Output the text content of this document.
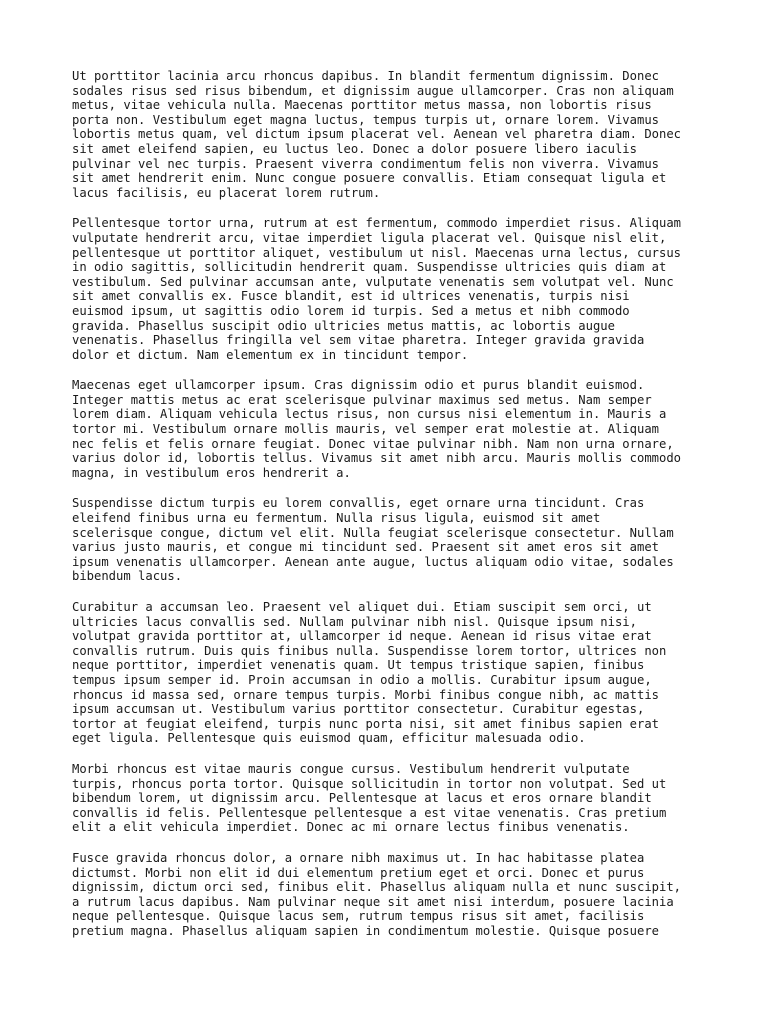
Ut porttitor lacinia arcu rhoncus dapibus. In blandit fermentum dignissim. Donec
sodales risus sed risus bibendum, et dignissim augue ullamcorper. Cras non aliquam
metus, vitae vehicula nulla. Maecenas porttitor metus massa, non lobortis risus
porta non. Vestibulum eget magna luctus, tempus turpis ut, ornare lorem. Vivamus
lobortis metus quam, vel dictum ipsum placerat vel. Aenean vel pharetra diam. Donec
sit amet eleifend sapien, eu luctus leo. Donec a dolor posuere libero iaculis
pulvinar vel nec turpis. Praesent viverra condimentum felis non viverra. Vivamus
sit amet hendrerit enim. Nunc congue posuere convallis. Etiam consequat ligula et
lacus facilisis, eu placerat lorem rutrum.

Pellentesque tortor urna, rutrum at est fermentum, commodo imperdiet risus. Aliquam
vulputate hendrerit arcu, vitae imperdiet ligula placerat vel. Quisque nisl elit,
pellentesque ut porttitor aliquet, vestibulum ut nisl. Maecenas urna lectus, cursus
in odio sagittis, sollicitudin hendrerit quam. Suspendisse ultricies quis diam at
vestibulum. Sed pulvinar accumsan ante, vulputate venenatis sem volutpat vel. Nunc
sit amet convallis ex. Fusce blandit, est id ultrices venenatis, turpis nisi
euismod ipsum, ut sagittis odio lorem id turpis. Sed a metus et nibh commodo
gravida. Phasellus suscipit odio ultricies metus mattis, ac lobortis augue
venenatis. Phasellus fringilla vel sem vitae pharetra. Integer gravida gravida
dolor et dictum. Nam elementum ex in tincidunt tempor.

Maecenas eget ullamcorper ipsum. Cras dignissim odio et purus blandit euismod.
Integer mattis metus ac erat scelerisque pulvinar maximus sed metus. Nam semper
lorem diam. Aliquam vehicula lectus risus, non cursus nisi elementum in. Mauris a
tortor mi. Vestibulum ornare mollis mauris, vel semper erat molestie at. Aliquam
nec felis et felis ornare feugiat. Donec vitae pulvinar nibh. Nam non urna ornare,
varius dolor id, lobortis tellus. Vivamus sit amet nibh arcu. Mauris mollis commodo
magna, in vestibulum eros hendrerit a.

Suspendisse dictum turpis eu lorem convallis, eget ornare urna tincidunt. Cras
eleifend finibus urna eu fermentum. Nulla risus ligula, euismod sit amet
scelerisque congue, dictum vel elit. Nulla feugiat scelerisque consectetur. Nullam
varius justo mauris, et congue mi tincidunt sed. Praesent sit amet eros sit amet
ipsum venenatis ullamcorper. Aenean ante augue, luctus aliquam odio vitae, sodales
bibendum lacus.

Curabitur a accumsan leo. Praesent vel aliquet dui. Etiam suscipit sem orci, ut
ultricies lacus convallis sed. Nullam pulvinar nibh nisl. Quisque ipsum nisi,
volutpat gravida porttitor at, ullamcorper id neque. Aenean id risus vitae erat
convallis rutrum. Duis quis finibus nulla. Suspendisse lorem tortor, ultrices non
neque porttitor, imperdiet venenatis quam. Ut tempus tristique sapien, finibus
tempus ipsum semper id. Proin accumsan in odio a mollis. Curabitur ipsum augue,
rhoncus id massa sed, ornare tempus turpis. Morbi finibus congue nibh, ac mattis
ipsum accumsan ut. Vestibulum varius porttitor consectetur. Curabitur egestas,
tortor at feugiat eleifend, turpis nunc porta nisi, sit amet finibus sapien erat
eget ligula. Pellentesque quis euismod quam, efficitur malesuada odio.

Morbi rhoncus est vitae mauris congue cursus. Vestibulum hendrerit vulputate
turpis, rhoncus porta tortor. Quisque sollicitudin in tortor non volutpat. Sed ut
bibendum lorem, ut dignissim arcu. Pellentesque at lacus et eros ornare blandit
convallis id felis. Pellentesque pellentesque a est vitae venenatis. Cras pretium
elit a elit vehicula imperdiet. Donec ac mi ornare lectus finibus venenatis.

Fusce gravida rhoncus dolor, a ornare nibh maximus ut. In hac habitasse platea
dictumst. Morbi non elit id dui elementum pretium eget et orci. Donec et purus
dignissim, dictum orci sed, finibus elit. Phasellus aliquam nulla et nunc suscipit,
a rutrum lacus dapibus. Nam pulvinar neque sit amet nisi interdum, posuere lacinia
neque pellentesque. Quisque lacus sem, rutrum tempus risus sit amet, facilisis
pretium magna. Phasellus aliquam sapien in condimentum molestie. Quisque posuere
